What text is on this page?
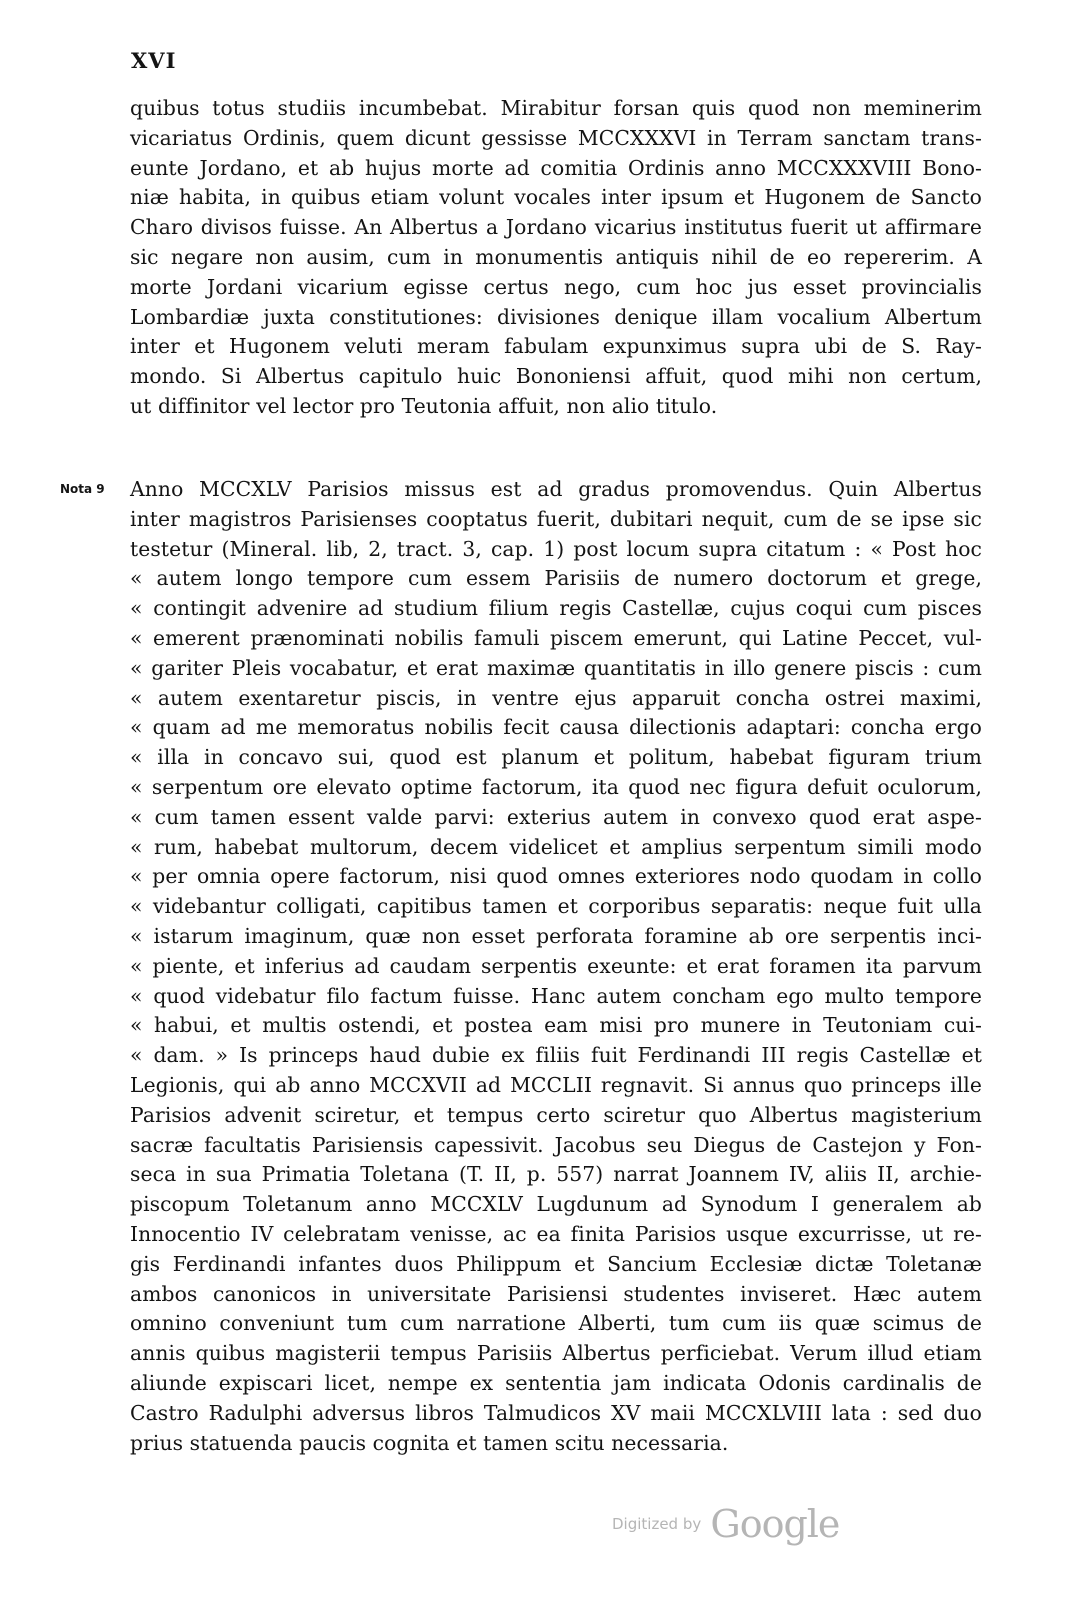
XVI
quibus totus studiis incumbebat. Mirabitur forsan quis quod non meminerim
vicariatus Ordinis, quem dicunt gessisse MCCXXXVI in Terram sanctam trans-
eunte Jordano, et ab hujus morte ad comitia Ordinis anno MCCXXXVIII Bono-
niæ habita, in quibus etiam volunt vocales inter ipsum et Hugonem de Sancto
Charo divisos fuisse. An Albertus a Jordano vicarius institutus fuerit ut affirmare
sic negare non ausim, cum in monumentis antiquis nihil de eo repererim. A
morte Jordani vicarium egisse certus nego, cum hoc jus esset provincialis
Lombardiæ juxta constitutiones: divisiones denique illam vocalium Albertum
inter et Hugonem veluti meram fabulam expunximus supra ubi de S. Ray-
mondo. Si Albertus capitulo huic Bononiensi affuit, quod mihi non certum,
ut diffinitor vel lector pro Teutonia affuit, non alio titulo.
Nota 9 Anno MCCXLV Parisios missus est ad gradus promovendus. Quin Albertus
inter magistros Parisienses cooptatus fuerit, dubitari nequit, cum de se ipse sic
testetur (Mineral. lib, 2, tract. 3, cap. 1) post locum supra citatum : « Post hoc
« autem longo tempore cum essem Parisiis de numero doctorum et grege,
« contingit advenire ad studium filium regis Castellæ, cujus coqui cum pisces
« emerent prænominati nobilis famuli piscem emerunt, qui Latine Peccet, vul-
« gariter Pleis vocabatur, et erat maximæ quantitatis in illo genere piscis : cum
« autem exentaretur piscis, in ventre ejus apparuit concha ostrei maximi,
« quam ad me memoratus nobilis fecit causa dilectionis adaptari: concha ergo
« illa in concavo sui, quod est planum et politum, habebat figuram trium
« serpentum ore elevato optime factorum, ita quod nec figura defuit oculorum,
« cum tamen essent valde parvi: exterius autem in convexo quod erat aspe-
« rum, habebat multorum, decem videlicet et amplius serpentum simili modo
« per omnia opere factorum, nisi quod omnes exteriores nodo quodam in collo
« videbantur colligati, capitibus tamen et corporibus separatis: neque fuit ulla
« istarum imaginum, quæ non esset perforata foramine ab ore serpentis inci-
« piente, et inferius ad caudam serpentis exeunte: et erat foramen ita parvum
« quod videbatur filo factum fuisse. Hanc autem concham ego multo tempore
« habui, et multis ostendi, et postea eam misi pro munere in Teutoniam cui-
« dam. » Is princeps haud dubie ex filiis fuit Ferdinandi III regis Castellæ et
Legionis, qui ab anno MCCXVII ad MCCLII regnavit. Si annus quo princeps ille
Parisios advenit sciretur, et tempus certo sciretur quo Albertus magisterium
sacræ facultatis Parisiensis capessivit. Jacobus seu Diegus de Castejon y Fon-
seca in sua Primatia Toletana (T. II, p. 557) narrat Joannem IV, aliis II, archie-
piscopum Toletanum anno MCCXLV Lugdunum ad Synodum I generalem ab
Innocentio IV celebratam venisse, ac ea finita Parisios usque excurrisse, ut re-
gis Ferdinandi infantes duos Philippum et Sancium Ecclesiæ dictæ Toletanæ
ambos canonicos in universitate Parisiensi studentes inviseret. Hæc autem
omnino conveniunt tum cum narratione Alberti, tum cum iis quæ scimus de
annis quibus magisterii tempus Parisiis Albertus perficiebat. Verum illud etiam
aliunde expiscari licet, nempe ex sententia jam indicata Odonis cardinalis de
Castro Radulphi adversus libros Talmudicos XV maii MCCXLVIII lata : sed duo
prius statuenda paucis cognita et tamen scitu necessaria.
Digitized by Google
